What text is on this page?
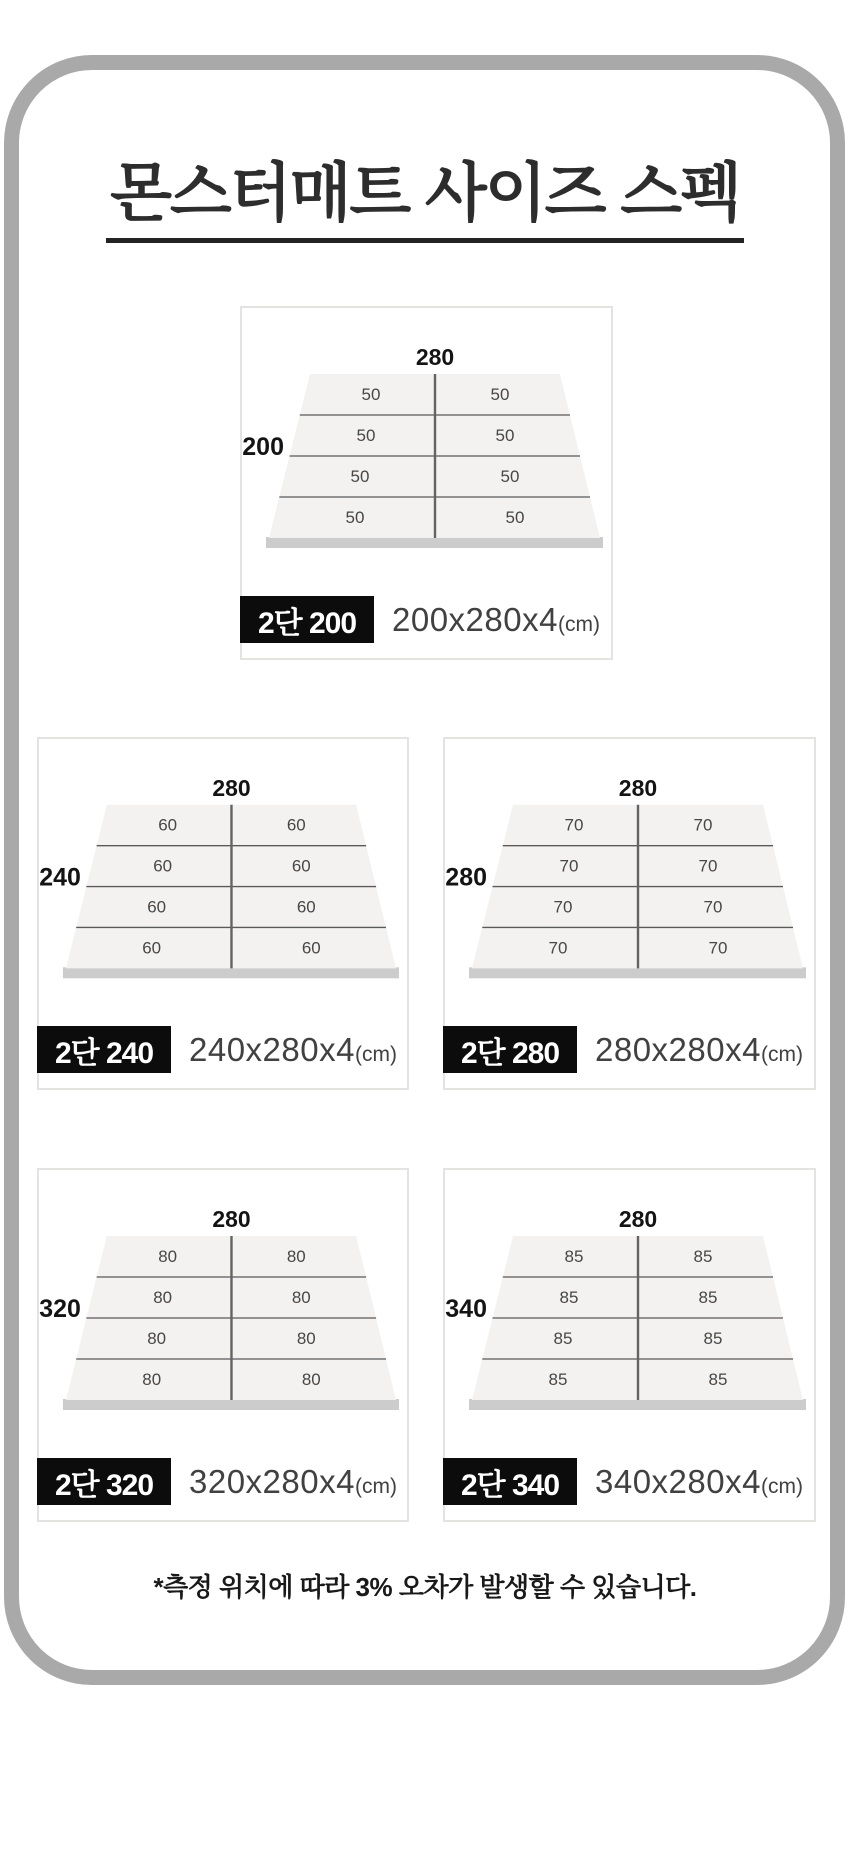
몬스터매트 사이즈 스펙
280
200
50	50
50	50
50	50
50	50
2단 200 200x280x4(cm)
280
240
60	60
60	60
60	60
60	60
2단 240 240x280x4(cm)
280
280
70	70
70	70
70	70
70	70
2단 280 280x280x4(cm)
280
320
80	80
80	80
80	80
80	80
2단 320 320x280x4(cm)
280
340
85	85
85	85
85	85
85	85
2단 340 340x280x4(cm)
*측정 위치에 따라 3% 오차가 발생할 수 있습니다.
